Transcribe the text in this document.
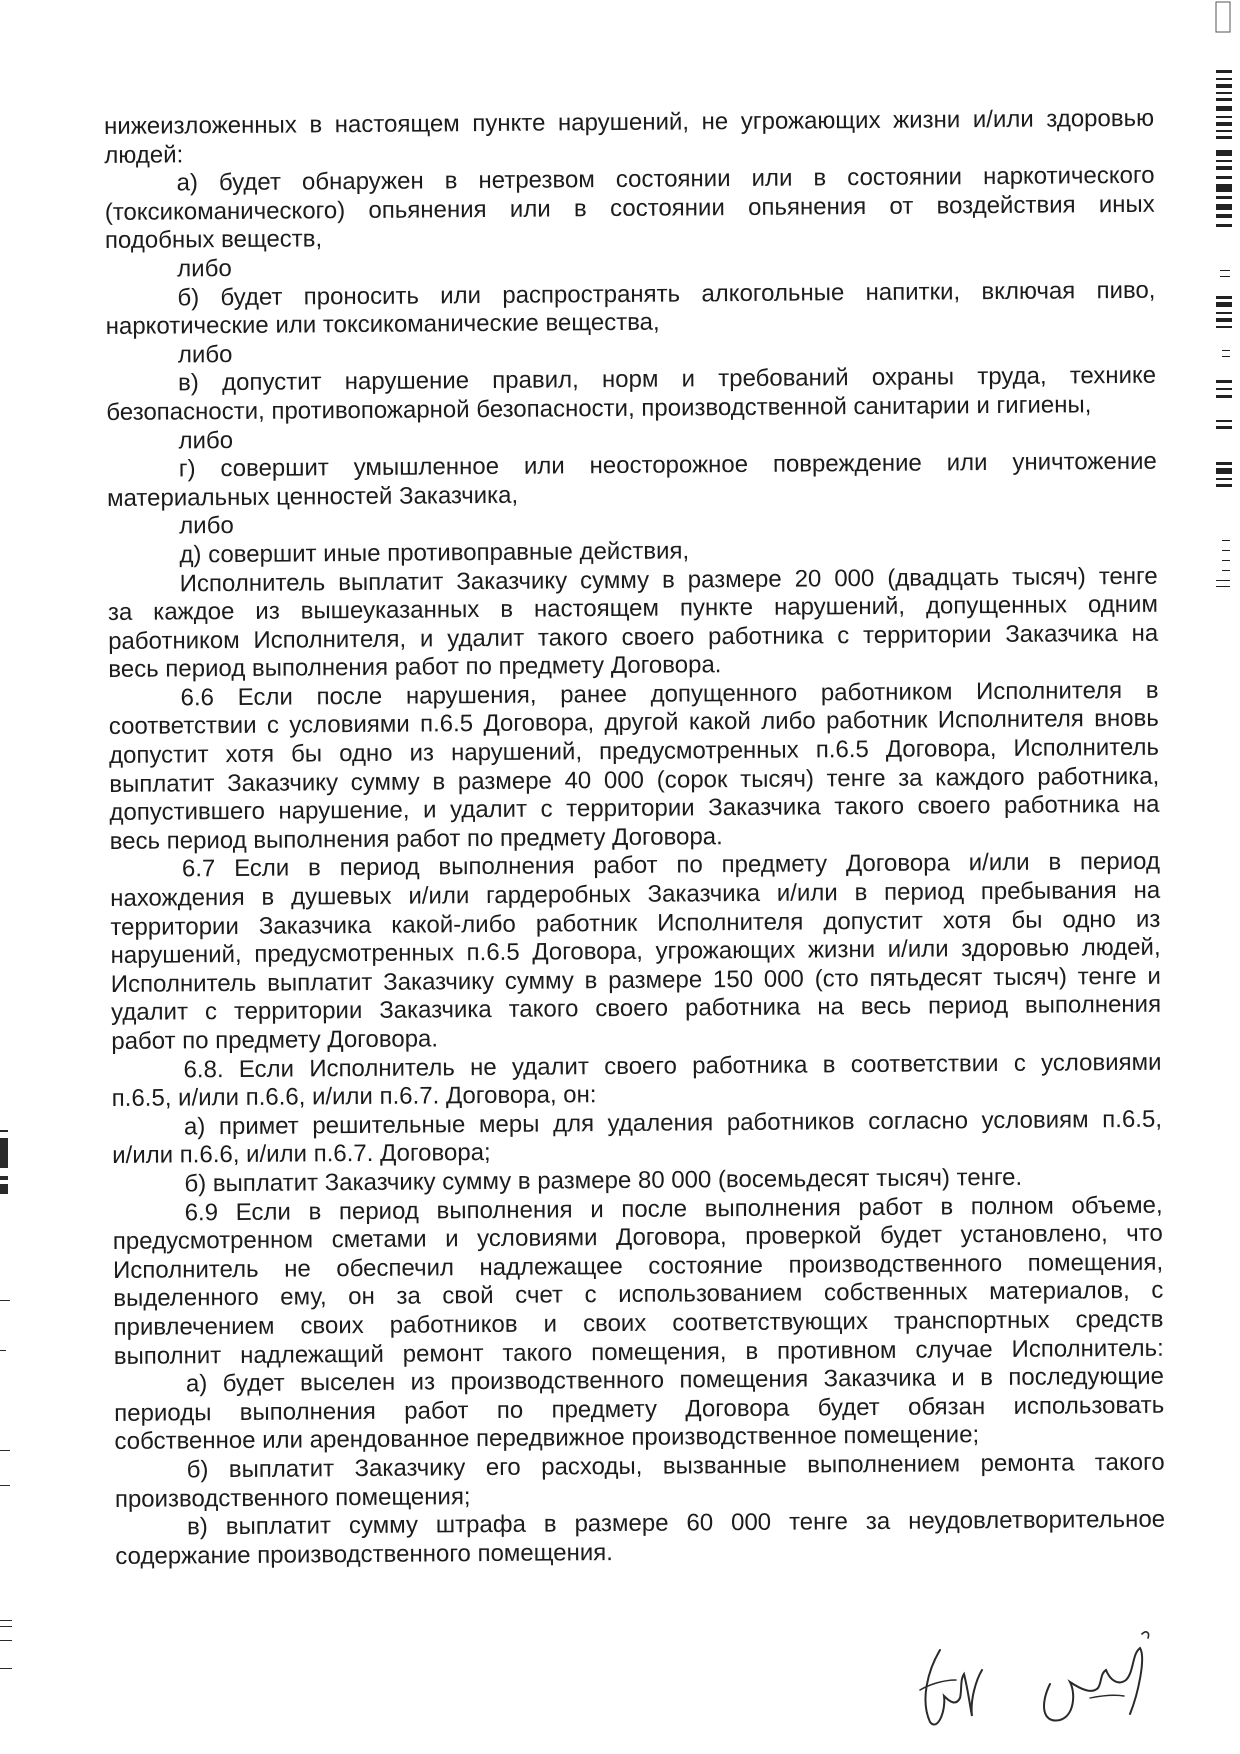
нижеизложенных в настоящем пункте нарушений, не угрожающих жизни и/или здоровью
людей:
а) будет обнаружен в нетрезвом состоянии или в состоянии наркотического
(токсикоманического) опьянения или в состоянии опьянения от воздействия иных
подобных веществ,
либо
б) будет проносить или распространять алкогольные напитки, включая пиво,
наркотические или токсикоманические вещества,
либо
в) допустит нарушение правил, норм и требований охраны труда, технике
безопасности, противопожарной безопасности, производственной санитарии и гигиены,
либо
г) совершит умышленное или неосторожное повреждение или уничтожение
материальных ценностей Заказчика,
либо
д) совершит иные противоправные действия,
Исполнитель выплатит Заказчику сумму в размере 20 000 (двадцать тысяч) тенге
за каждое из вышеуказанных в настоящем пункте нарушений, допущенных одним
работником Исполнителя, и удалит такого своего работника с территории Заказчика на
весь период выполнения работ по предмету Договора.
6.6 Если после нарушения, ранее допущенного работником Исполнителя в
соответствии с условиями п.6.5 Договора, другой какой либо работник Исполнителя вновь
допустит хотя бы одно из нарушений, предусмотренных п.6.5 Договора, Исполнитель
выплатит Заказчику сумму в размере 40 000 (сорок тысяч) тенге за каждого работника,
допустившего нарушение, и удалит с территории Заказчика такого своего работника на
весь период выполнения работ по предмету Договора.
6.7 Если в период выполнения работ по предмету Договора и/или в период
нахождения в душевых и/или гардеробных Заказчика и/или в период пребывания на
территории Заказчика какой-либо работник Исполнителя допустит хотя бы одно из
нарушений, предусмотренных п.6.5 Договора, угрожающих жизни и/или здоровью людей,
Исполнитель выплатит Заказчику сумму в размере 150 000 (сто пятьдесят тысяч) тенге и
удалит с территории Заказчика такого своего работника на весь период выполнения
работ по предмету Договора.
6.8. Если Исполнитель не удалит своего работника в соответствии с условиями
п.6.5, и/или п.6.6, и/или п.6.7. Договора, он:
а) примет решительные меры для удаления работников согласно условиям п.6.5,
и/или п.6.6, и/или п.6.7. Договора;
б) выплатит Заказчику сумму в размере 80 000 (восемьдесят тысяч) тенге.
6.9 Если в период выполнения и после выполнения работ в полном объеме,
предусмотренном сметами и условиями Договора, проверкой будет установлено, что
Исполнитель не обеспечил надлежащее состояние производственного помещения,
выделенного ему, он за свой счет с использованием собственных материалов, с
привлечением своих работников и своих соответствующих транспортных средств
выполнит надлежащий ремонт такого помещения, в противном случае Исполнитель:
а) будет выселен из производственного помещения Заказчика и в последующие
периоды выполнения работ по предмету Договора будет обязан использовать
собственное или арендованное передвижное производственное помещение;
б) выплатит Заказчику его расходы, вызванные выполнением ремонта такого
производственного помещения;
в) выплатит сумму штрафа в размере 60 000 тенге за неудовлетворительное
содержание производственного помещения.
